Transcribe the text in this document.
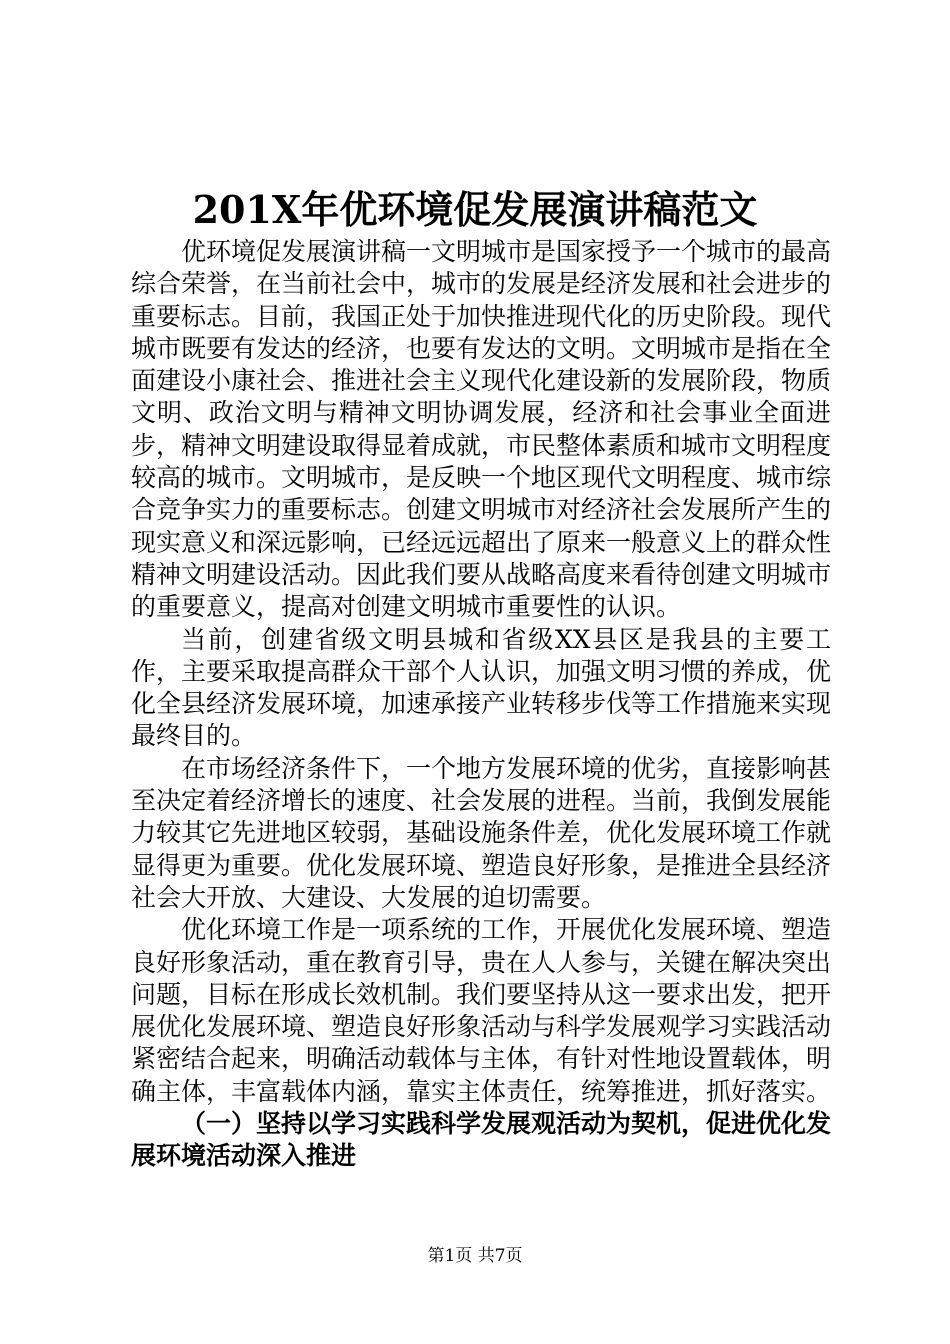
201X年优环境促发展演讲稿范文

优环境促发展演讲稿一文明城市是国家授予一个城市的最高综合荣誉，在当前社会中，城市的发展是经济发展和社会进步的重要标志。目前，我国正处于加快推进现代化的历史阶段。现代城市既要有发达的经济，也要有发达的文明。文明城市是指在全面建设小康社会、推进社会主义现代化建设新的发展阶段，物质文明、政治文明与精神文明协调发展，经济和社会事业全面进步，精神文明建设取得显着成就，市民整体素质和城市文明程度较高的城市。文明城市，是反映一个地区现代文明程度、城市综合竞争实力的重要标志。创建文明城市对经济社会发展所产生的现实意义和深远影响，已经远远超出了原来一般意义上的群众性精神文明建设活动。因此我们要从战略高度来看待创建文明城市的重要意义，提高对创建文明城市重要性的认识。

当前，创建省级文明县城和省级XX县区是我县的主要工作，主要采取提高群众干部个人认识，加强文明习惯的养成，优化全县经济发展环境，加速承接产业转移步伐等工作措施来实现最终目的。

在市场经济条件下，一个地方发展环境的优劣，直接影响甚至决定着经济增长的速度、社会发展的进程。当前，我倒发展能力较其它先进地区较弱，基础设施条件差，优化发展环境工作就显得更为重要。优化发展环境、塑造良好形象，是推进全县经济社会大开放、大建设、大发展的迫切需要。

优化环境工作是一项系统的工作，开展优化发展环境、塑造良好形象活动，重在教育引导，贵在人人参与，关键在解决突出问题，目标在形成长效机制。我们要坚持从这一要求出发，把开展优化发展环境、塑造良好形象活动与科学发展观学习实践活动紧密结合起来，明确活动载体与主体，有针对性地设置载体，明确主体，丰富载体内涵，靠实主体责任，统筹推进，抓好落实。

（一）坚持以学习实践科学发展观活动为契机，促进优化发展环境活动深入推进

第1页 共7页
